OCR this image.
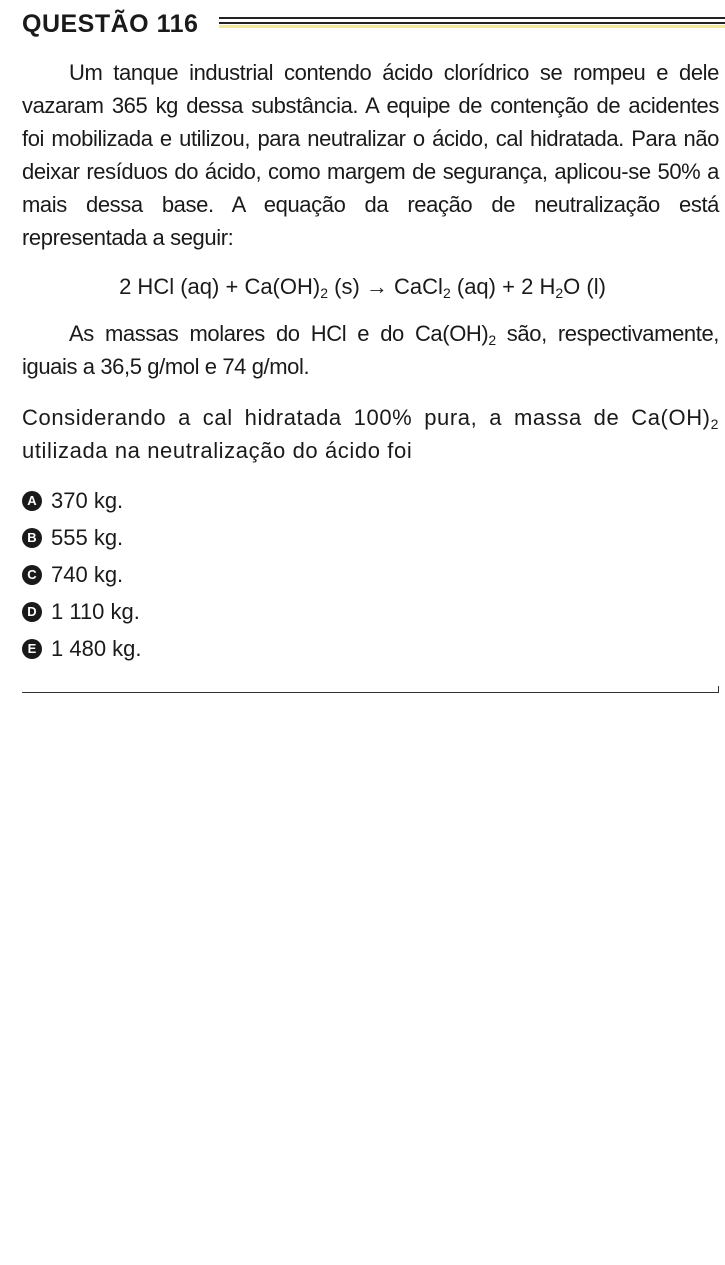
QUESTÃO 116
Um tanque industrial contendo ácido clorídrico se rompeu e dele vazaram 365 kg dessa substância. A equipe de contenção de acidentes foi mobilizada e utilizou, para neutralizar o ácido, cal hidratada. Para não deixar resíduos do ácido, como margem de segurança, aplicou-se 50% a mais dessa base. A equação da reação de neutralização está representada a seguir:
2 HCl $(aq) + Ca(OH)_2$ (s) → CaCl$_2$ (aq) + 2 $H_2O$ (l)
As massas molares do HCl e do $Ca(OH)_2$ são, respectivamente, iguais a 36,5 g/mol e 74 g/mol.
Considerando a cal hidratada 100% pura, a massa de $Ca(OH)_2$ utilizada na neutralização do ácido foi
A 370 kg.
B 555 kg.
C 740 kg.
D 1 110 kg.
E 1 480 kg.
